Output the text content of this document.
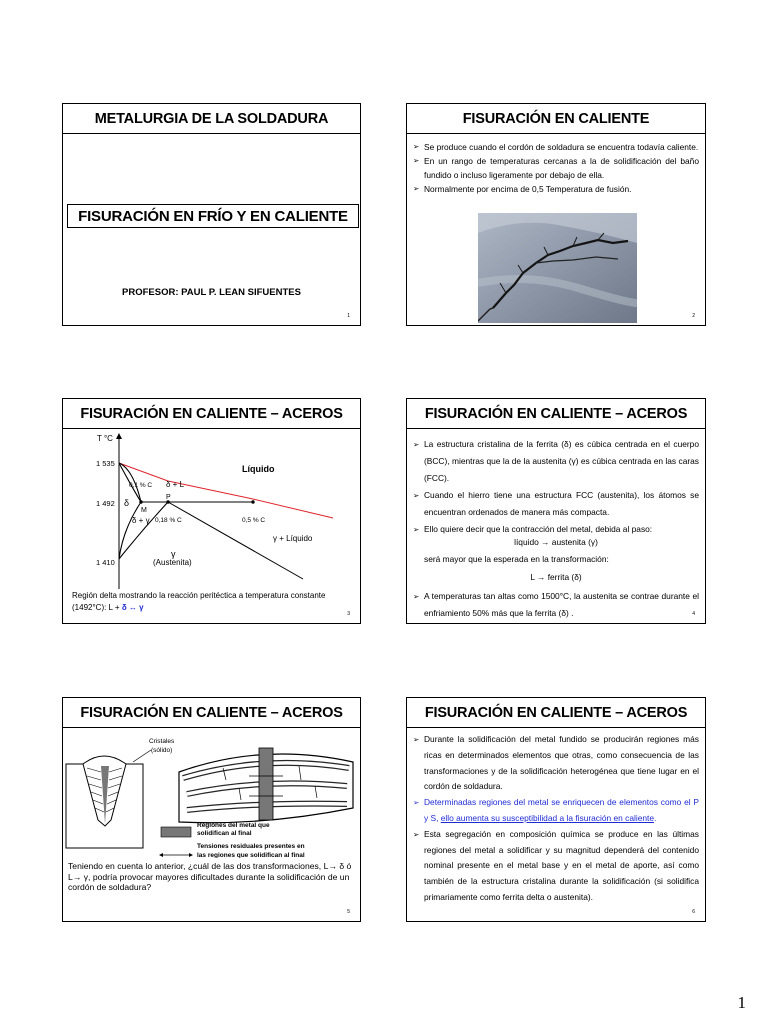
METALURGIA DE LA SOLDADURA
FISURACIÓN EN FRÍO Y EN CALIENTE
PROFESOR: PAUL P. LEAN SIFUENTES
1
FISURACIÓN EN CALIENTE
➢ Se produce cuando el cordón de soldadura se encuentra todavía caliente.
➢ En un rango de temperaturas cercanas a la de solidificación del baño fundido o incluso ligeramente por debajo de ella.
➢ Normalmente por encima de 0,5 Temperatura de fusión.
2
FISURACIÓN EN CALIENTE – ACEROS
T °C
1 535
1 492
1 410
Líquido
0,1 % C δ + L
δ
P
M
δ + γ 0,18 % C	0,5 % C
γ + Líquido
γ
(Austenita)
Región delta mostrando la reacción peritéctica a temperatura constante
(1492°C): L + δ ↔ γ
3
FISURACIÓN EN CALIENTE – ACEROS
➢ La estructura cristalina de la ferrita (δ) es cúbica centrada en el cuerpo (BCC), mientras que la de la austenita (γ) es cúbica centrada en las caras (FCC).
➢ Cuando el hierro tiene una estructura FCC (austenita), los átomos se encuentran ordenados de manera más compacta.
➢ Ello quiere decir que la contracción del metal, debida al paso:
líquido → austenita (γ)
será mayor que la esperada en la transformación:
L → ferrita (δ)
➢ A temperaturas tan altas como 1500°C, la austenita se contrae durante el enfriamiento 50% más que la ferrita (δ) .	4
FISURACIÓN EN CALIENTE – ACEROS
Cristales
(sólido)
Regiones del metal que
solidifican al final
Tensiones residuales presentes en
las regiones que solidifican al final
Teniendo en cuenta lo anterior, ¿cuál de las dos transformaciones, L→ δ ó L→ γ, podría provocar mayores dificultades durante la solidificación de un cordón de soldadura?
5
FISURACIÓN EN CALIENTE – ACEROS
➢ Durante la solidificación del metal fundido se producirán regiones más ricas en determinados elementos que otras, como consecuencia de las transformaciones y de la solidificación heterogénea que tiene lugar en el cordón de soldadura.
➢ Determinadas regiones del metal se enriquecen de elementos como el P y S, ello aumenta su susceptibilidad a la fisuración en caliente.
➢ Esta segregación en composición química se produce en las últimas regiones del metal a solidificar y su magnitud dependerá del contenido nominal presente en el metal base y en el metal de aporte, así como también de la estructura cristalina durante la solidificación (si solidifica primariamente como ferrita delta o austenita).
6
1
